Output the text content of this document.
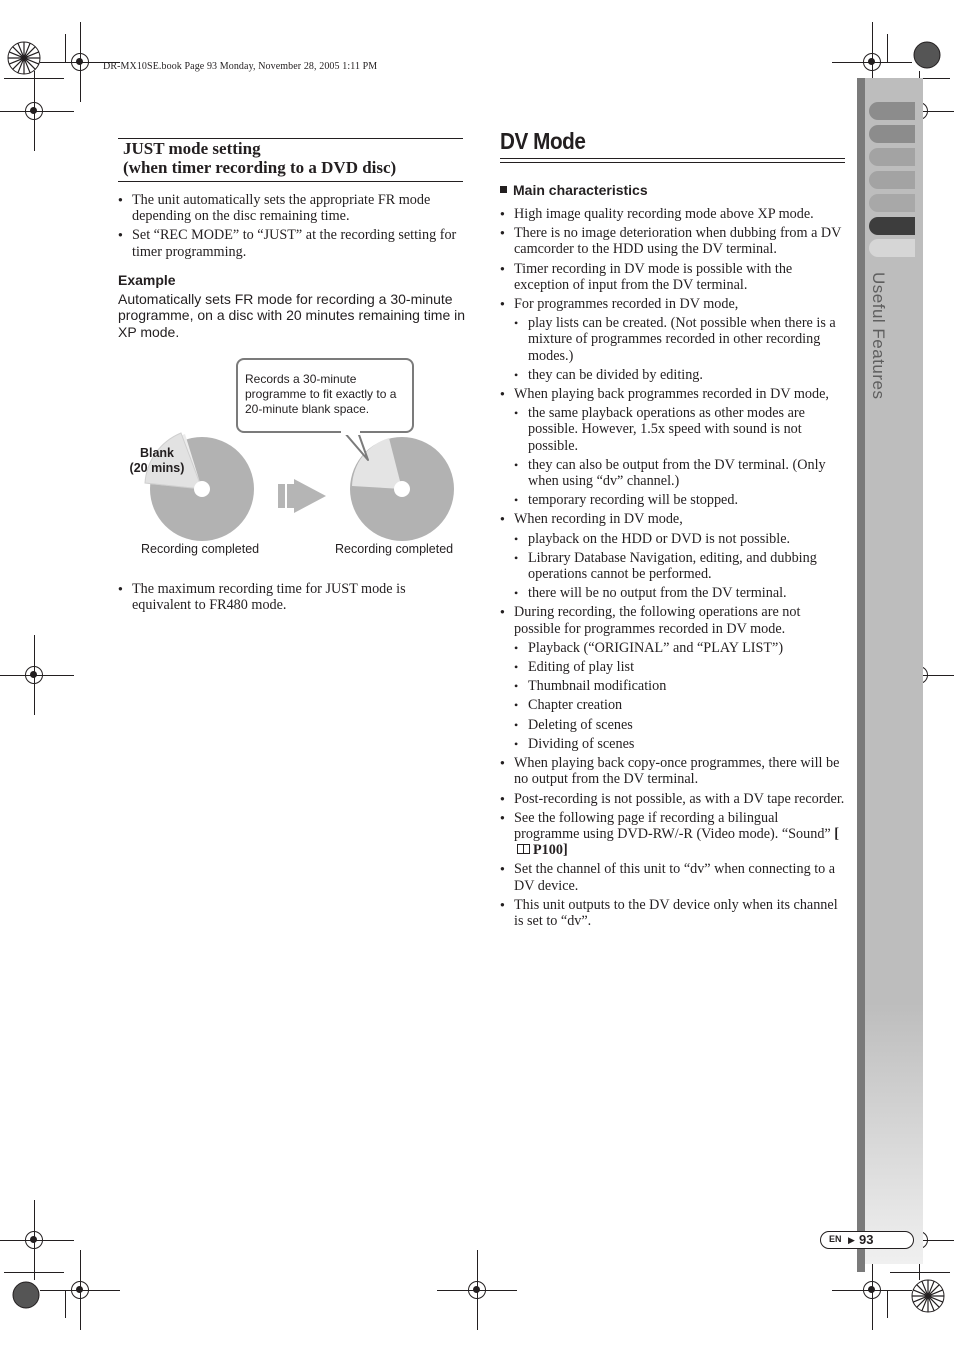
DR-MX10SE.book Page 93 Monday, November 28, 2005 1:11 PM
Useful Features
JUST mode setting
(when timer recording to a DVD disc)
● The unit automatically sets the appropriate FR mode depending on the disc remaining time.
● Set “REC MODE” to “JUST” at the recording setting for timer programming.
Example
Automatically sets FR mode for recording a 30-minute programme, on a disc with 20 minutes remaining time in XP mode.
Records a 30-minute programme to fit exactly to a 20-minute blank space.
Blank
(20 mins)
Recording completed	Recording completed
● The maximum recording time for JUST mode is equivalent to FR480 mode.
DV Mode
Main characteristics
● High image quality recording mode above XP mode.
● There is no image deterioration when dubbing from a DV camcorder to the HDD using the DV terminal.
● Timer recording in DV mode is possible with the exception of input from the DV terminal.
● For programmes recorded in DV mode,
• play lists can be created. (Not possible when there is a mixture of programmes recorded in other recording modes.)
• they can be divided by editing.
● When playing back programmes recorded in DV mode,
• the same playback operations as other modes are possible. However, 1.5x speed with sound is not possible.
• they can also be output from the DV terminal. (Only when using “dv” channel.)
• temporary recording will be stopped.
● When recording in DV mode,
• playback on the HDD or DVD is not possible.
• Library Database Navigation, editing, and dubbing operations cannot be performed.
• there will be no output from the DV terminal.
● During recording, the following operations are not possible for programmes recorded in DV mode.
• Playback (“ORIGINAL” and “PLAY LIST”)
• Editing of play list
• Thumbnail modification
• Chapter creation
• Deleting of scenes
• Dividing of scenes
● When playing back copy-once programmes, there will be no output from the DV terminal.
● Post-recording is not possible, as with a DV tape recorder.
● See the following page if recording a bilingual programme using DVD-RW/-R (Video mode). “Sound” [P100]
● Set the channel of this unit to “dv” when connecting to a DV device.
● This unit outputs to the DV device only when its channel is set to “dv”.
EN ▶ 93
